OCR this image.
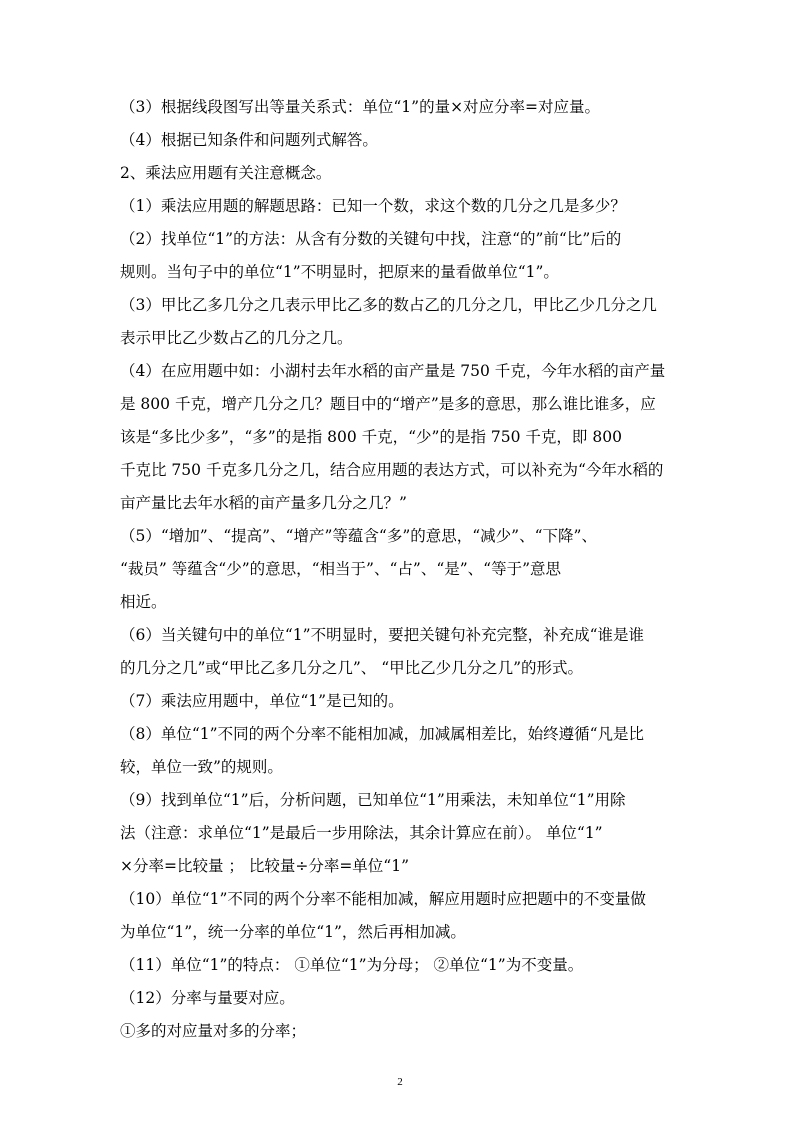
（3）根据线段图写出等量关系式：单位“1”的量×对应分率=对应量。

（4）根据已知条件和问题列式解答。

2、乘法应用题有关注意概念。

（1）乘法应用题的解题思路：已知一个数，求这个数的几分之几是多少？

（2）找单位“1”的方法：从含有分数的关键句中找，注意“的”前“比”后的

规则。当句子中的单位“1”不明显时，把原来的量看做单位“1”。

（3）甲比乙多几分之几表示甲比乙多的数占乙的几分之几，甲比乙少几分之几

表示甲比乙少数占乙的几分之几。

（4）在应用题中如：小湖村去年水稻的亩产量是 750 千克，今年水稻的亩产量

是 800 千克，增产几分之几？题目中的“增产”是多的意思，那么谁比谁多，应

该是“多比少多”，“多”的是指 800 千克，“少”的是指 750 千克，即 800

千克比 750 千克多几分之几，结合应用题的表达方式，可以补充为“今年水稻的

亩产量比去年水稻的亩产量多几分之几？”

（5）“增加”、“提高”、“增产”等蕴含“多”的意思，“减少”、“下降”、

“裁员” 等蕴含“少”的意思，“相当于”、“占”、“是”、“等于”意思

相近。

（6）当关键句中的单位“1”不明显时，要把关键句补充完整，补充成“谁是谁

的几分之几”或“甲比乙多几分之几”、 “甲比乙少几分之几”的形式。

（7）乘法应用题中，单位“1”是已知的。

（8）单位“1”不同的两个分率不能相加减，加减属相差比，始终遵循“凡是比

较，单位一致”的规则。

（9）找到单位“1”后，分析问题，已知单位“1”用乘法，未知单位“1”用除

法（注意：求单位“1”是最后一步用除法，其余计算应在前）。 单位“1”

×分率=比较量 ； 比较量÷分率=单位“1”

（10）单位“1”不同的两个分率不能相加减，解应用题时应把题中的不变量做

为单位“1”，统一分率的单位“1”，然后再相加减。

（11）单位“1”的特点： ①单位“1”为分母； ②单位“1”为不变量。

（12）分率与量要对应。

①多的对应量对多的分率；

2
